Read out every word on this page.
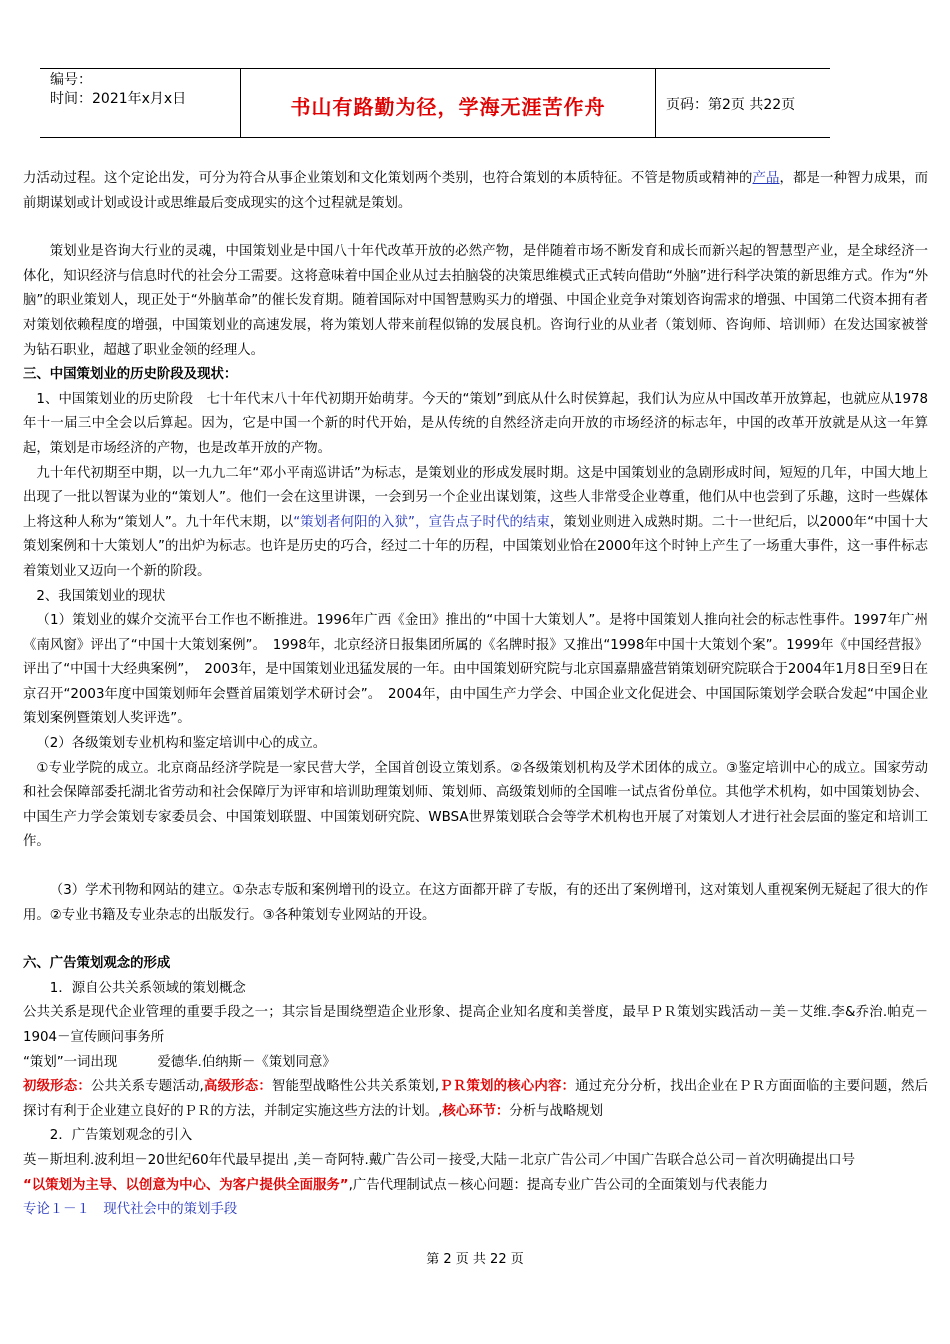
编号：
时间：2021年x月x日	书山有路勤为径，学海无涯苦作舟	页码：第2页 共22页

力活动过程。这个定论出发，可分为符合从事企业策划和文化策划两个类别，也符合策划的本质特征。不管是物质或精神的产品，都是一种智力成果，而前期谋划或计划或设计或思维最后变成现实的这个过程就是策划。

策划业是咨询大行业的灵魂，中国策划业是中国八十年代改革开放的必然产物，是伴随着市场不断发育和成长而新兴起的智慧型产业，是全球经济一体化，知识经济与信息时代的社会分工需要。这将意味着中国企业从过去拍脑袋的决策思维模式正式转向借助“外脑”进行科学决策的新思维方式。作为“外脑”的职业策划人，现正处于“外脑革命”的催长发育期。随着国际对中国智慧购买力的增强、中国企业竞争对策划咨询需求的增强、中国第二代资本拥有者对策划依赖程度的增强，中国策划业的高速发展，将为策划人带来前程似锦的发展良机。咨询行业的从业者（策划师、咨询师、培训师）在发达国家被誉为钻石职业，超越了职业金领的经理人。

三、中国策划业的历史阶段及现状：

1、中国策划业的历史阶段　七十年代末八十年代初期开始萌芽。今天的“策划”到底从什么时侯算起，我们认为应从中国改革开放算起，也就应从1978年十一届三中全会以后算起。因为，它是中国一个新的时代开始，是从传统的自然经济走向开放的市场经济的标志年，中国的改革开放就是从这一年算起，策划是市场经济的产物，也是改革开放的产物。

九十年代初期至中期，以一九九二年“邓小平南巡讲话”为标志，是策划业的形成发展时期。这是中国策划业的急剧形成时间，短短的几年，中国大地上出现了一批以智谋为业的“策划人”。他们一会在这里讲课，一会到另一个企业出谋划策，这些人非常受企业尊重，他们从中也尝到了乐趣，这时一些媒体上将这种人称为“策划人”。九十年代末期，以“策划者何阳的入狱”，宣告点子时代的结束，策划业则进入成熟时期。二十一世纪后，以2000年“中国十大策划案例和十大策划人”的出炉为标志。也许是历史的巧合，经过二十年的历程，中国策划业恰在2000年这个时钟上产生了一场重大事件，这一事件标志着策划业又迈向一个新的阶段。

2、我国策划业的现状

（1）策划业的媒介交流平台工作也不断推进。1996年广西《金田》推出的“中国十大策划人”。是将中国策划人推向社会的标志性事件。1997年广州《南风窗》评出了“中国十大策划案例”。　1998年，北京经济日报集团所属的《名牌时报》又推出“1998年中国十大策划个案”。1999年《中国经营报》评出了“中国十大经典案例”，　2003年，是中国策划业迅猛发展的一年。由中国策划研究院与北京国嘉鼎盛营销策划研究院联合于2004年1月8日至9日在京召开“2003年度中国策划师年会暨首届策划学术研讨会”。　2004年，由中国生产力学会、中国企业文化促进会、中国国际策划学会联合发起“中国企业策划案例暨策划人奖评选”。

（2）各级策划专业机构和鉴定培训中心的成立。

①专业学院的成立。北京商品经济学院是一家民营大学，全国首创设立策划系。②各级策划机构及学术团体的成立。③鉴定培训中心的成立。国家劳动和社会保障部委托湖北省劳动和社会保障厅为评审和培训助理策划师、策划师、高级策划师的全国唯一试点省份单位。其他学术机构，如中国策划协会、中国生产力学会策划专家委员会、中国策划联盟、中国策划研究院、WBSA世界策划联合会等学术机构也开展了对策划人才进行社会层面的鉴定和培训工作。

（3）学术刊物和网站的建立。①杂志专版和案例增刊的设立。在这方面都开辟了专版，有的还出了案例增刊，这对策划人重视案例无疑起了很大的作用。②专业书籍及专业杂志的出版发行。③各种策划专业网站的开设。

六、广告策划观念的形成

1．源自公共关系领域的策划概念

公共关系是现代企业管理的重要手段之一；其宗旨是围绕塑造企业形象、提高企业知名度和美誉度，最早ＰＲ策划实践活动－美－艾维.李&乔治.帕克－1904－宣传顾问事务所

“策划”一词出现　　　爱德华.伯纳斯－《策划同意》

初级形态：公共关系专题活动,高级形态：智能型战略性公共关系策划,ＰＲ策划的核心内容：通过充分分析，找出企业在ＰＲ方面面临的主要问题，然后探讨有利于企业建立良好的ＰＲ的方法，并制定实施这些方法的计划。,核心环节：分析与战略规划

2．广告策划观念的引入

英－斯坦利.波利坦－20世纪60年代最早提出 ,美－奇阿特.戴广告公司－接受,大陆－北京广告公司／中国广告联合总公司－首次明确提出口号

“以策划为主导、以创意为中心、为客户提供全面服务”,广告代理制试点－核心问题：提高专业广告公司的全面策划与代表能力

专论１－１　现代社会中的策划手段

第 2 页 共 22 页
